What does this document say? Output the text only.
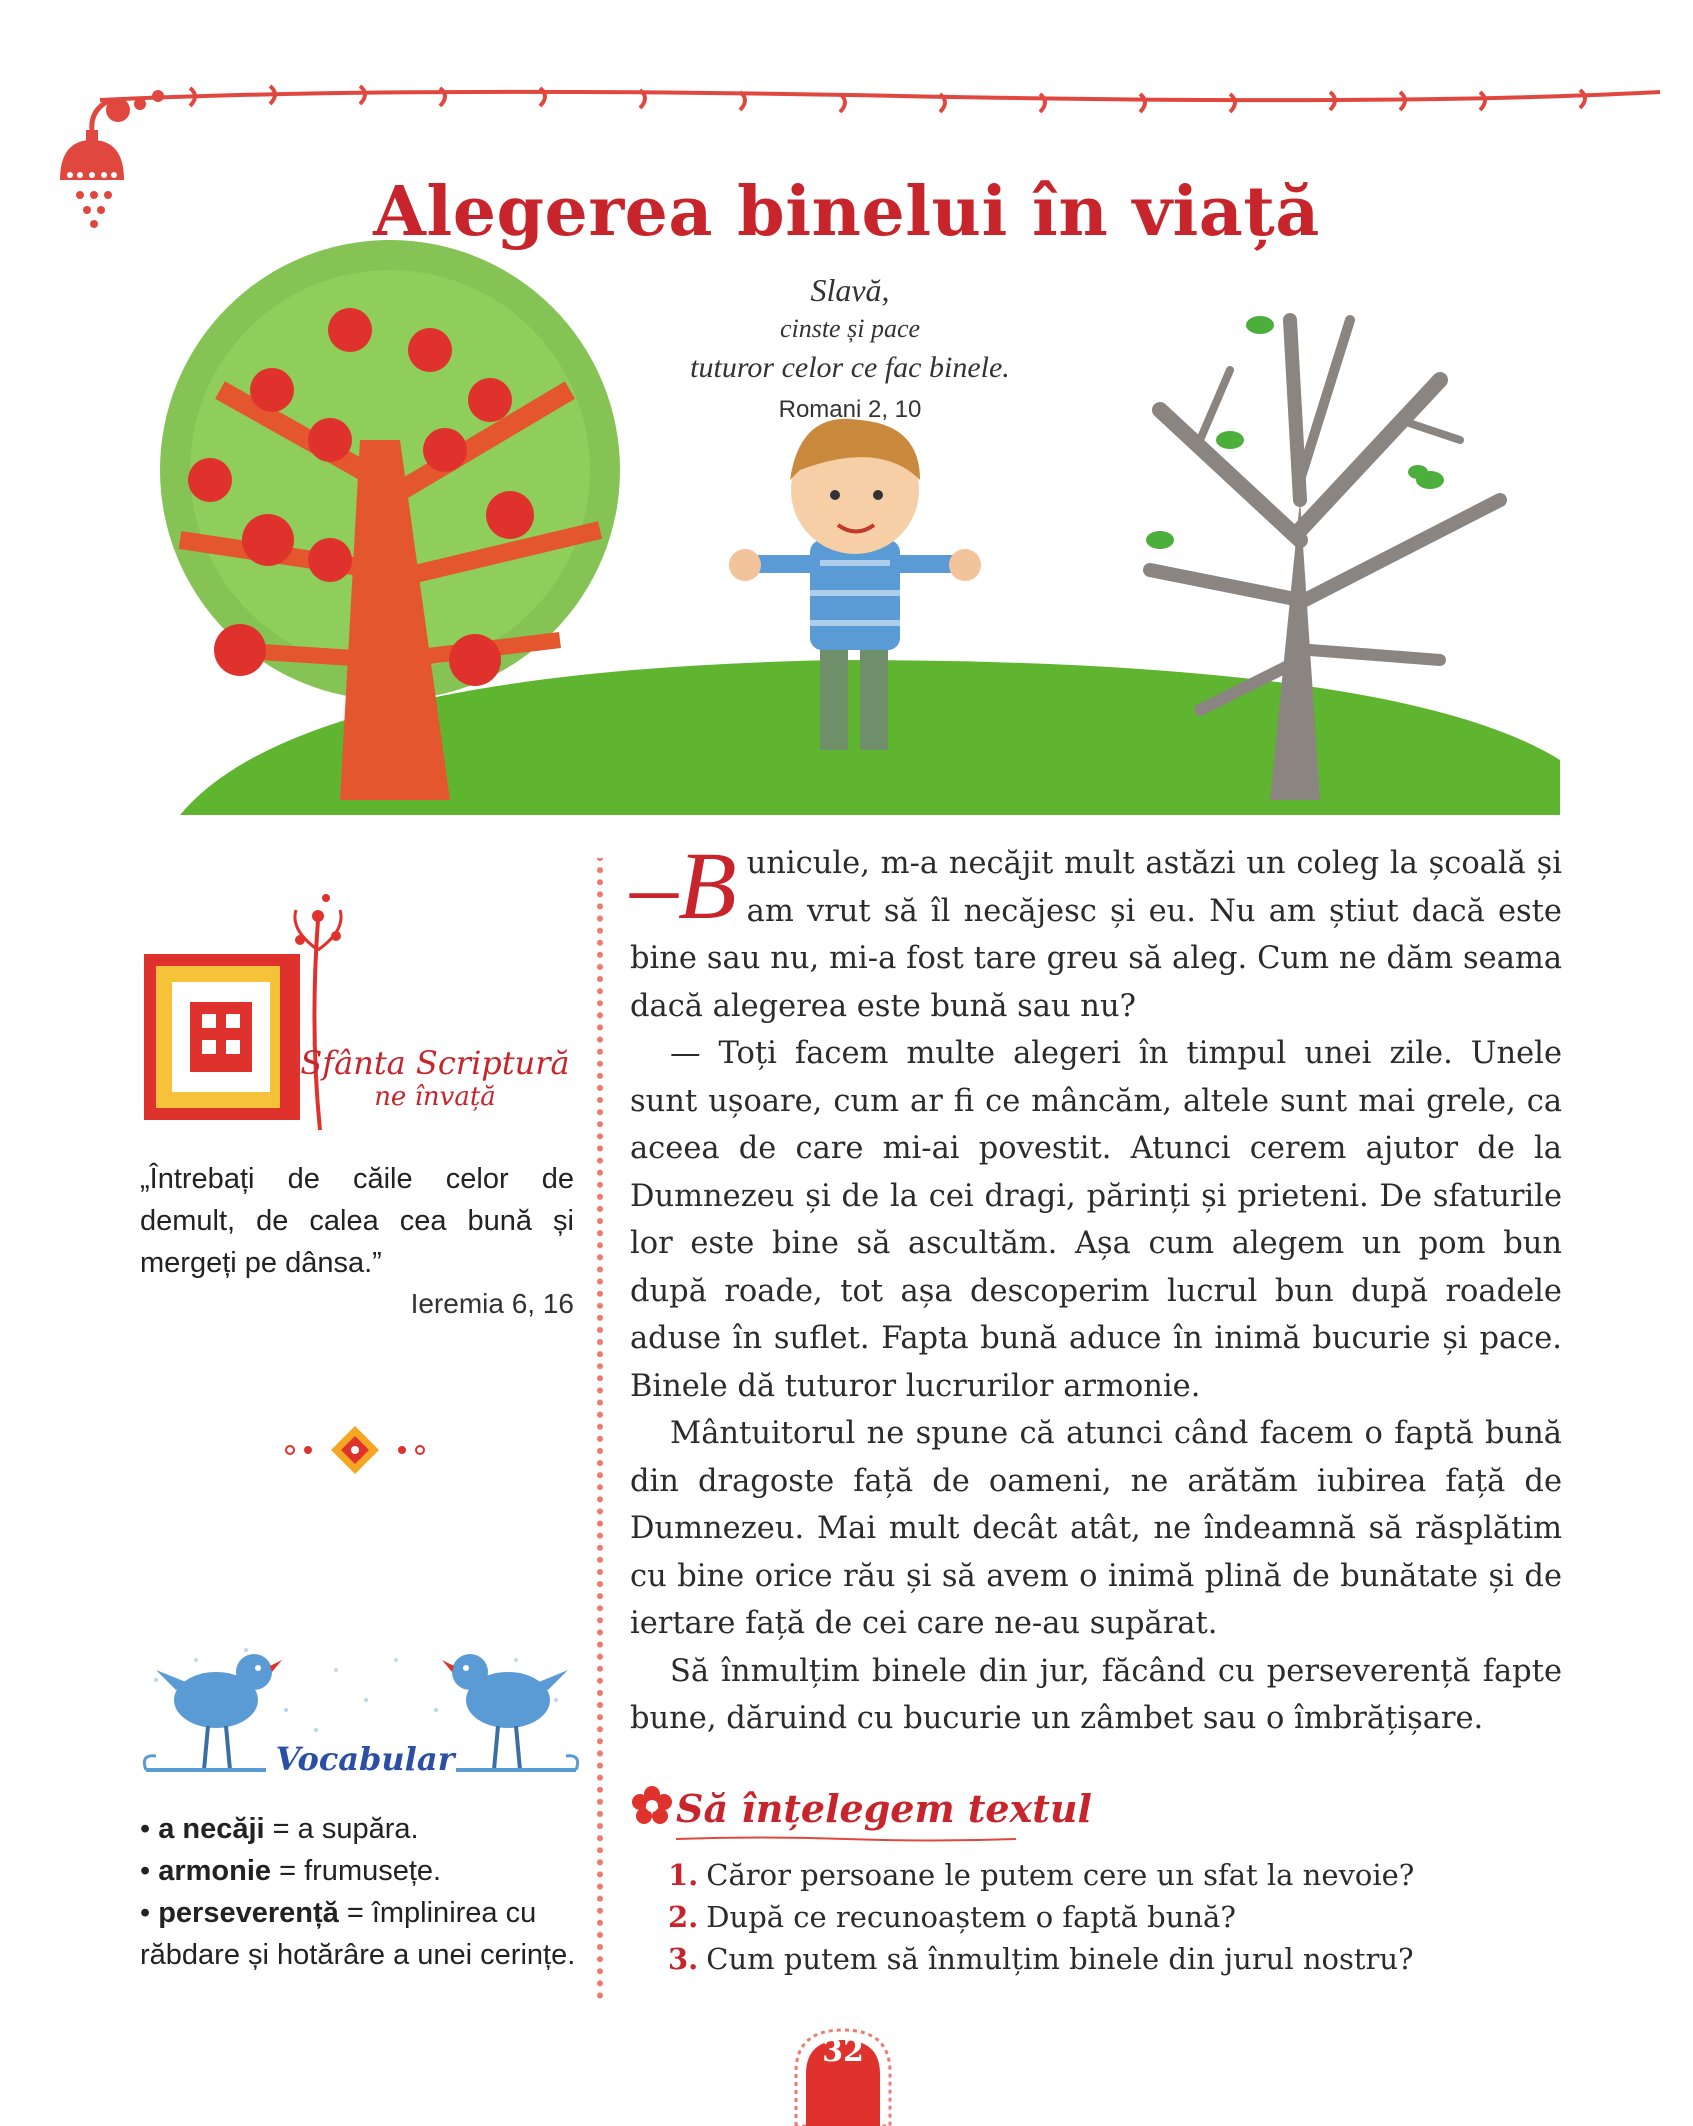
Alegerea binelui în viață
Slavă,
cinste și pace
tuturor celor ce fac binele.
Romani 2, 10
Sfânta Scriptură
ne învață
„Întrebați de căile celor de demult, de calea cea bună și mergeți pe dânsa.”
Ieremia 6, 16
Vocabular
• a necăji = a supăra.
• armonie = frumusețe.
• perseverență = împlinirea cu răbdare și hotărâre a unei cerințe.

–B unicule, m-a necăjit mult astăzi un coleg la școală și am vrut să îl necăjesc și eu. Nu am știut dacă este bine sau nu, mi-a fost tare greu să aleg. Cum ne dăm seama dacă alegerea este bună sau nu?

— Toți facem multe alegeri în timpul unei zile. Unele sunt ușoare, cum ar fi ce mâncăm, altele sunt mai grele, ca aceea de care mi-ai povestit. Atunci cerem ajutor de la Dumnezeu și de la cei dragi, părinți și prieteni. De sfaturile lor este bine să ascultăm. Așa cum alegem un pom bun după roade, tot așa descoperim lucrul bun după roadele aduse în suflet. Fapta bună aduce în inimă bucurie și pace. Binele dă tuturor lucrurilor armonie.

Mântuitorul ne spune că atunci când facem o faptă bună din dragoste față de oameni, ne arătăm iubirea față de Dumnezeu. Mai mult decât atât, ne îndeamnă să răsplătim cu bine orice rău și să avem o inimă plină de bunătate și de iertare față de cei care ne-au supărat.

Să înmulțim binele din jur, făcând cu perseverență fapte bune, dăruind cu bucurie un zâmbet sau o îmbrățișare.

Să înțelegem textul
1. Căror persoane le putem cere un sfat la nevoie?
2. După ce recunoaștem o faptă bună?
3. Cum putem să înmulțim binele din jurul nostru?
32
